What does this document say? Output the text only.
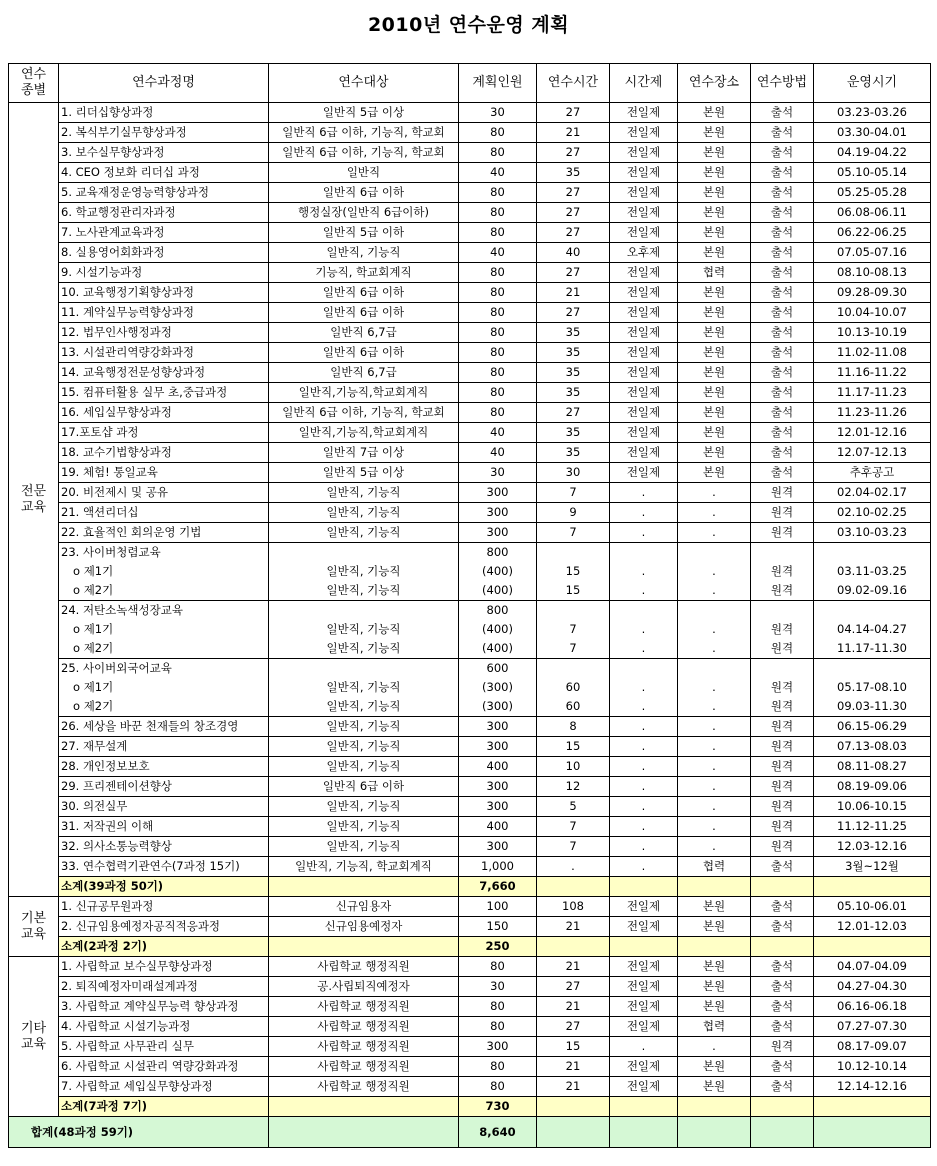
2010년 연수운영 계획
연수
종별	연수과정명	연수대상	계획인원	연수시간	시간제	연수장소	연수방법	운영시기
전문
교육	1. 리더십향상과정	일반직 5급 이상	30	27	전일제	본원	출석	03.23-03.26
	2. 복식부기실무향상과정	일반직 6급 이하, 기능직, 학교회	80	21	전일제	본원	출석	03.30-04.01
	3. 보수실무향상과정	일반직 6급 이하, 기능직, 학교회	80	27	전일제	본원	출석	04.19-04.22
	4. CEO 정보화 리더십 과정	일반직	40	35	전일제	본원	출석	05.10-05.14
	5. 교육재정운영능력향상과정	일반직 6급 이하	80	27	전일제	본원	출석	05.25-05.28
	6. 학교행정관리자과정	행정실장(일반직 6급이하)	80	27	전일제	본원	출석	06.08-06.11
	7. 노사관계교육과정	일반직 5급 이하	80	27	전일제	본원	출석	06.22-06.25
	8. 실용영어회화과정	일반직, 기능직	40	40	오후제	본원	출석	07.05-07.16
	9. 시설기능과정	기능직, 학교회계직	80	27	전일제	협력	출석	08.10-08.13
	10. 교육행정기획향상과정	일반직 6급 이하	80	21	전일제	본원	출석	09.28-09.30
	11. 계약실무능력향상과정	일반직 6급 이하	80	27	전일제	본원	출석	10.04-10.07
	12. 법무인사행정과정	일반직 6,7급	80	35	전일제	본원	출석	10.13-10.19
	13. 시설관리역량강화과정	일반직 6급 이하	80	35	전일제	본원	출석	11.02-11.08
	14. 교육행정전문성향상과정	일반직 6,7급	80	35	전일제	본원	출석	11.16-11.22
	15. 컴퓨터활용 실무 초,중급과정	일반직,기능직,학교회계직	80	35	전일제	본원	출석	11.17-11.23
	16. 세입실무향상과정	일반직 6급 이하, 기능직, 학교회	80	27	전일제	본원	출석	11.23-11.26
	17.포토샵 과정	일반직,기능직,학교회계직	40	35	전일제	본원	출석	12.01-12.16
	18. 교수기법향상과정	일반직 7급 이상	40	35	전일제	본원	출석	12.07-12.13
	19. 체험! 통일교육	일반직 5급 이상	30	30	전일제	본원	출석	추후공고
	20. 비전제시 및 공유	일반직, 기능직	300	7	.	.	원격	02.04-02.17
	21. 액션리더십	일반직, 기능직	300	9	.	.	원격	02.10-02.25
	22. 효율적인 회의운영 기법	일반직, 기능직	300	7	.	.	원격	03.10-03.23
	23. 사이버청렴교육		800					
	o 제1기	일반직, 기능직	(400)	15	.	.	원격	03.11-03.25
	o 제2기	일반직, 기능직	(400)	15	.	.	원격	09.02-09.16
	24. 저탄소녹색성장교육		800					
	o 제1기	일반직, 기능직	(400)	7	.	.	원격	04.14-04.27
	o 제2기	일반직, 기능직	(400)	7	.	.	원격	11.17-11.30
	25. 사이버외국어교육		600					
	o 제1기	일반직, 기능직	(300)	60	.	.	원격	05.17-08.10
	o 제2기	일반직, 기능직	(300)	60	.	.	원격	09.03-11.30
	26. 세상을 바꾼 천재들의 창조경영	일반직, 기능직	300	8	.	.	원격	06.15-06.29
	27. 재무설계	일반직, 기능직	300	15	.	.	원격	07.13-08.03
	28. 개인정보보호	일반직, 기능직	400	10	.	.	원격	08.11-08.27
	29. 프리젠테이션향상	일반직 6급 이하	300	12	.	.	원격	08.19-09.06
	30. 의전실무	일반직, 기능직	300	5	.	.	원격	10.06-10.15
	31. 저작권의 이해	일반직, 기능직	400	7	.	.	원격	11.12-11.25
	32. 의사소통능력향상	일반직, 기능직	300	7	.	.	원격	12.03-12.16
	33. 연수협력기관연수(7과정 15기)	일반직, 기능직, 학교회계직	1,000	.	.	협력	출석	3월~12월
	소계(39과정 50기)		7,660					
기본
교육	1. 신규공무원과정	신규임용자	100	108	전일제	본원	출석	05.10-06.01
	2. 신규임용예정자공직적응과정	신규임용예정자	150	21	전일제	본원	출석	12.01-12.03
	소계(2과정 2기)		250					
기타
교육	1. 사립학교 보수실무향상과정	사립학교 행정직원	80	21	전일제	본원	출석	04.07-04.09
	2. 퇴직예정자미래설계과정	공.사립퇴직예정자	30	27	전일제	본원	출석	04.27-04.30
	3. 사립학교 계약실무능력 향상과정	사립학교 행정직원	80	21	전일제	본원	출석	06.16-06.18
	4. 사립학교 시설기능과정	사립학교 행정직원	80	27	전일제	협력	출석	07.27-07.30
	5. 사립학교 사무관리 실무	사립학교 행정직원	300	15	.	.	원격	08.17-09.07
	6. 사립학교 시설관리 역량강화과정	사립학교 행정직원	80	21	전일제	본원	출석	10.12-10.14
	7. 사립학교 세입실무향상과정	사립학교 행정직원	80	21	전일제	본원	출석	12.14-12.16
	소계(7과정 7기)		730					
합계(48과정 59기)			8,640					
